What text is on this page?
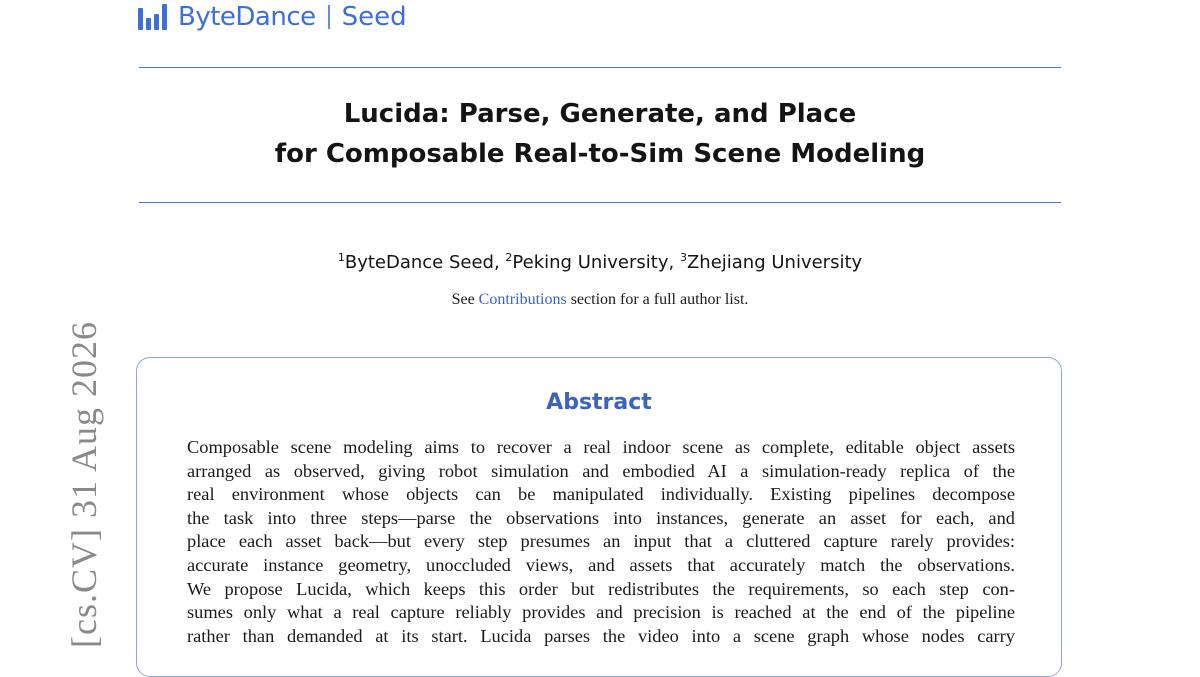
ByteDance Seed
Lucida: Parse, Generate, and Place
for Composable Real-to-Sim Scene Modeling
$^1$ByteDance Seed, $^2$Peking University, $^3$Zhejiang University
See Contributions section for a full author list.
Abstract
Composable scene modeling aims to recover a real indoor scene as complete, editable object assets
arranged as observed, giving robot simulation and embodied AI a simulation-ready replica of the
real environment whose objects can be manipulated individually. Existing pipelines decompose
the task into three steps—parse the observations into instances, generate an asset for each, and
place each asset back—but every step presumes an input that a cluttered capture rarely provides:
accurate instance geometry, unoccluded views, and assets that accurately match the observations.
We propose Lucida, which keeps this order but redistributes the requirements, so each step con-
sumes only what a real capture reliably provides and precision is reached at the end of the pipeline
rather than demanded at its start. Lucida parses the video into a scene graph whose nodes carry
[cs.CV] 31 Aug 2026
